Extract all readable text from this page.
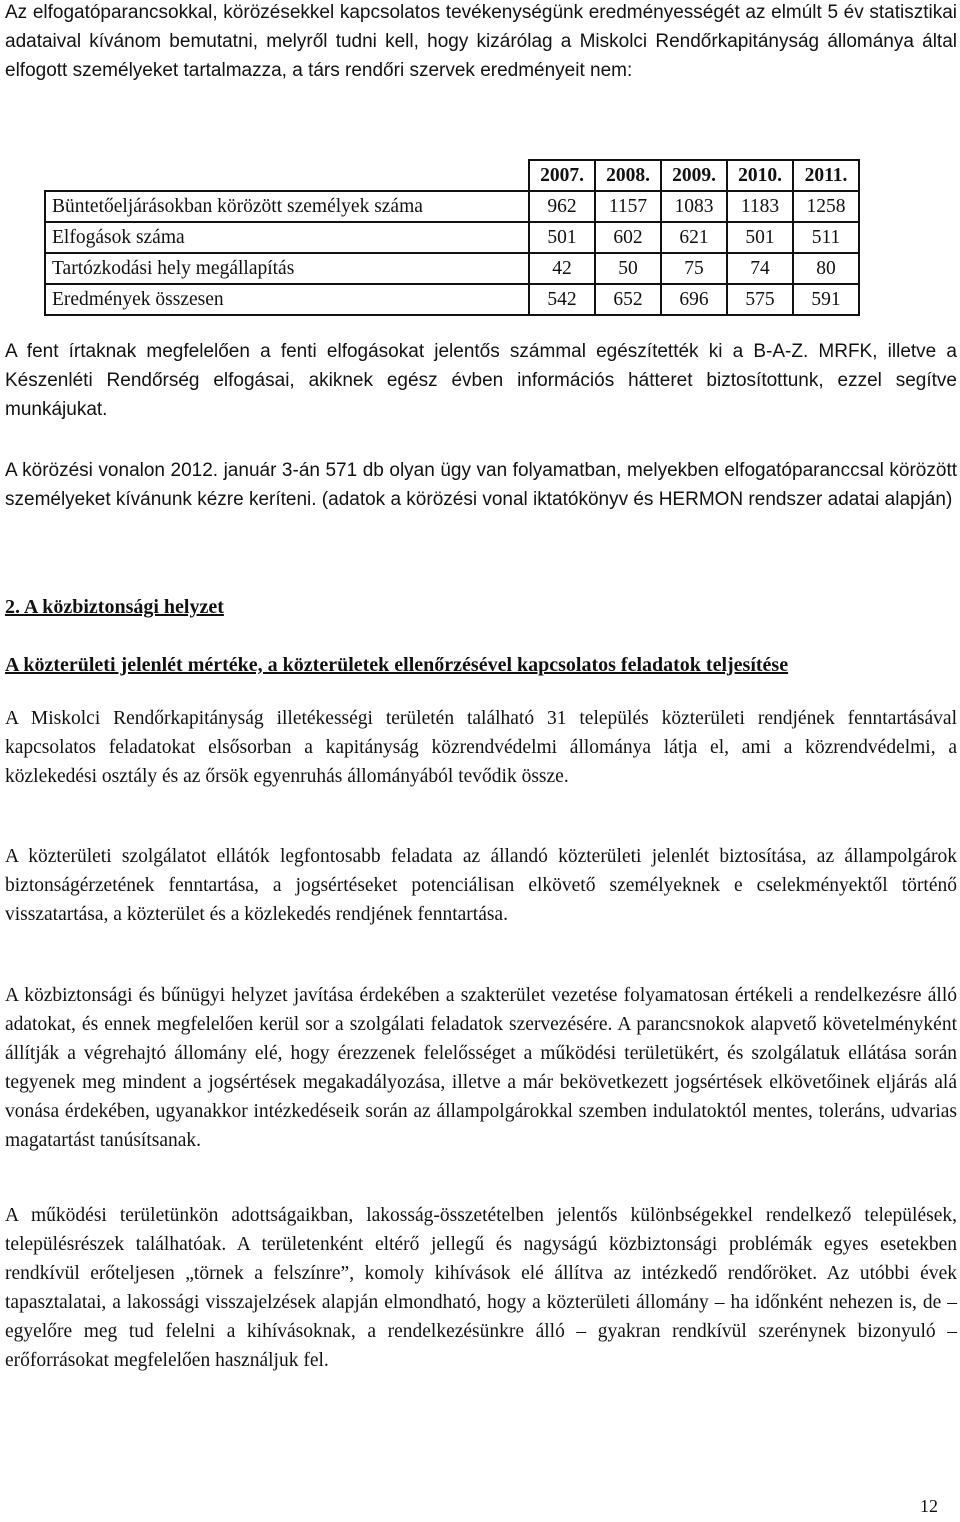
Az elfogatóparancsokkal, körözésekkel kapcsolatos tevékenységünk eredményességét az elmúlt 5 év statisztikai adataival kívánom bemutatni, melyről tudni kell, hogy kizárólag a Miskolci Rendőrkapitányság állománya által elfogott személyeket tartalmazza, a társ rendőri szervek eredményeit nem:

	2007.	2008.	2009.	2010.	2011.
Büntetőeljárásokban körözött személyek száma	962	1157	1083	1183	1258
Elfogások száma	501	602	621	501	511
Tartózkodási hely megállapítás	42	50	75	74	80
Eredmények összesen	542	652	696	575	591

A fent írtaknak megfelelően a fenti elfogásokat jelentős számmal egészítették ki a B-A-Z. MRFK, illetve a Készenléti Rendőrség elfogásai, akiknek egész évben információs hátteret biztosítottunk, ezzel segítve munkájukat.

A körözési vonalon 2012. január 3-án 571 db olyan ügy van folyamatban, melyekben elfogatóparanccsal körözött személyeket kívánunk kézre keríteni. (adatok a körözési vonal iktatókönyv és HERMON rendszer adatai alapján)

2. A közbiztonsági helyzet

A közterületi jelenlét mértéke, a közterületek ellenőrzésével kapcsolatos feladatok teljesítése

A Miskolci Rendőrkapitányság illetékességi területén található 31 település közterületi rendjének fenntartásával kapcsolatos feladatokat elsősorban a kapitányság közrendvédelmi állománya látja el, ami a közrendvédelmi, a közlekedési osztály és az őrsök egyenruhás állományából tevődik össze.

A közterületi szolgálatot ellátók legfontosabb feladata az állandó közterületi jelenlét biztosítása, az állampolgárok biztonságérzetének fenntartása, a jogsértéseket potenciálisan elkövető személyeknek e cselekményektől történő visszatartása, a közterület és a közlekedés rendjének fenntartása.

A közbiztonsági és bűnügyi helyzet javítása érdekében a szakterület vezetése folyamatosan értékeli a rendelkezésre álló adatokat, és ennek megfelelően kerül sor a szolgálati feladatok szervezésére. A parancsnokok alapvető követelményként állítják a végrehajtó állomány elé, hogy érezzenek felelősséget a működési területükért, és szolgálatuk ellátása során tegyenek meg mindent a jogsértések megakadályozása, illetve a már bekövetkezett jogsértések elkövetőinek eljárás alá vonása érdekében, ugyanakkor intézkedéseik során az állampolgárokkal szemben indulatoktól mentes, toleráns, udvarias magatartást tanúsítsanak.

A működési területünkön adottságaikban, lakosság-összetételben jelentős különbségekkel rendelkező települések, településrészek találhatóak. A területenként eltérő jellegű és nagyságú közbiztonsági problémák egyes esetekben rendkívül erőteljesen „törnek a felszínre”, komoly kihívások elé állítva az intézkedő rendőröket. Az utóbbi évek tapasztalatai, a lakossági visszajelzések alapján elmondható, hogy a közterületi állomány – ha időnként nehezen is, de – egyelőre meg tud felelni a kihívásoknak, a rendelkezésünkre álló – gyakran rendkívül szerénynek bizonyuló – erőforrásokat megfelelően használjuk fel.

12
